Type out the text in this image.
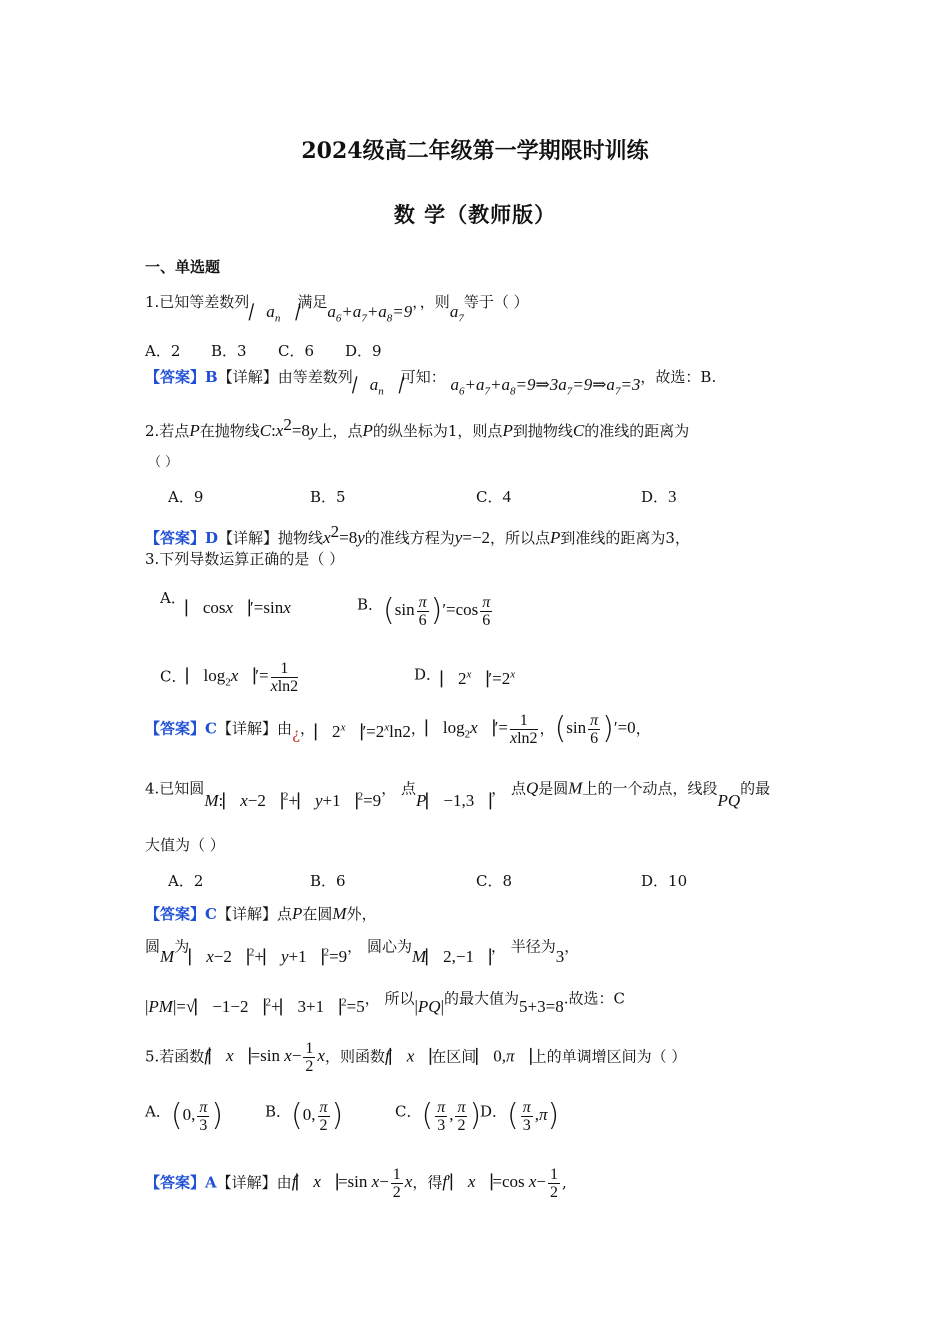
2024级高二年级第一学期限时训练
数 学（教师版）
一、单选题
1.已知等差数列$⎸a_n⎹$满足$a_6+a_7+a_8=9$，，则$a_7$等于（ ）
A．2 B．3 C．6 D．9
【答案】B【详解】由等差数列$⎸a_n⎹$可知： $a_6+a_7+a_8=9\Rightarrow 3a_7=9\Rightarrow a_7=3$，故选：B.
2.若点P在抛物线$C:x^2=8y$上，点P的纵坐标为1，则点P到抛物线C的准线的距离为
（ ）
A．9	B．5	C．4	D．3
【答案】D【详解】抛物线$x^2=8y$的准线方程为y=−2，所以点P到准线的距离为3，
3.下列导数运算正确的是（ ）
A．⎸cosx⎹′=sinx	B．$(\sin \frac{\pi}{6} )'=\cos \frac{\pi}{6}$
C．$⎸\log_2x⎹'= \frac{1}{xln2}$	D．$⎸2^x⎹'=2^x$
【答案】C【详解】由¿，$⎸2^x⎹'=2^x\ln 2$，$⎸\log_2x⎹'= \frac{1}{xln2}$ ，$(\sin \frac{\pi}{6} )'=0$，
4.已知圆M:⎸x−2⎹$^2$+⎸y+1⎹$^2$=9， 点P⎸−1,3⎹， 点Q是圆M上的一个动点，线段PQ的最
大值为（ ）
A．2	B．6	C．8	D．10
【答案】C【详解】点P在圆M外，
圆M为⎸x−2⎹$^2$+⎸y+1⎹$^2$=9， 圆心为M⎸2,−1⎹， 半径为3，
|PM|=√⎸−1−2⎹$^2$+⎸3+1⎹$^2$=5， 所以|PQ|的最大值为5+3=8.故选：C
5.若函数f⎸x⎹=sin $x- \frac{1}{2}$ x，则函数f⎸x⎹在区间⎸0,π⎹上的单调增区间为（ ）
A．(0, $\frac{\pi}{3}$ )	B．(0, $\frac{\pi}{2}$ )	C．( $\frac{\pi}{3}$ , $\frac{\pi}{2}$ )
D．( $\frac{\pi}{3} ,\pi$)
【答案】A【详解】由f⎸x⎹=sin $x- \frac{1}{2}$ x，得f′⎸x⎹=cos $x- \frac{1}{2}$ ,
